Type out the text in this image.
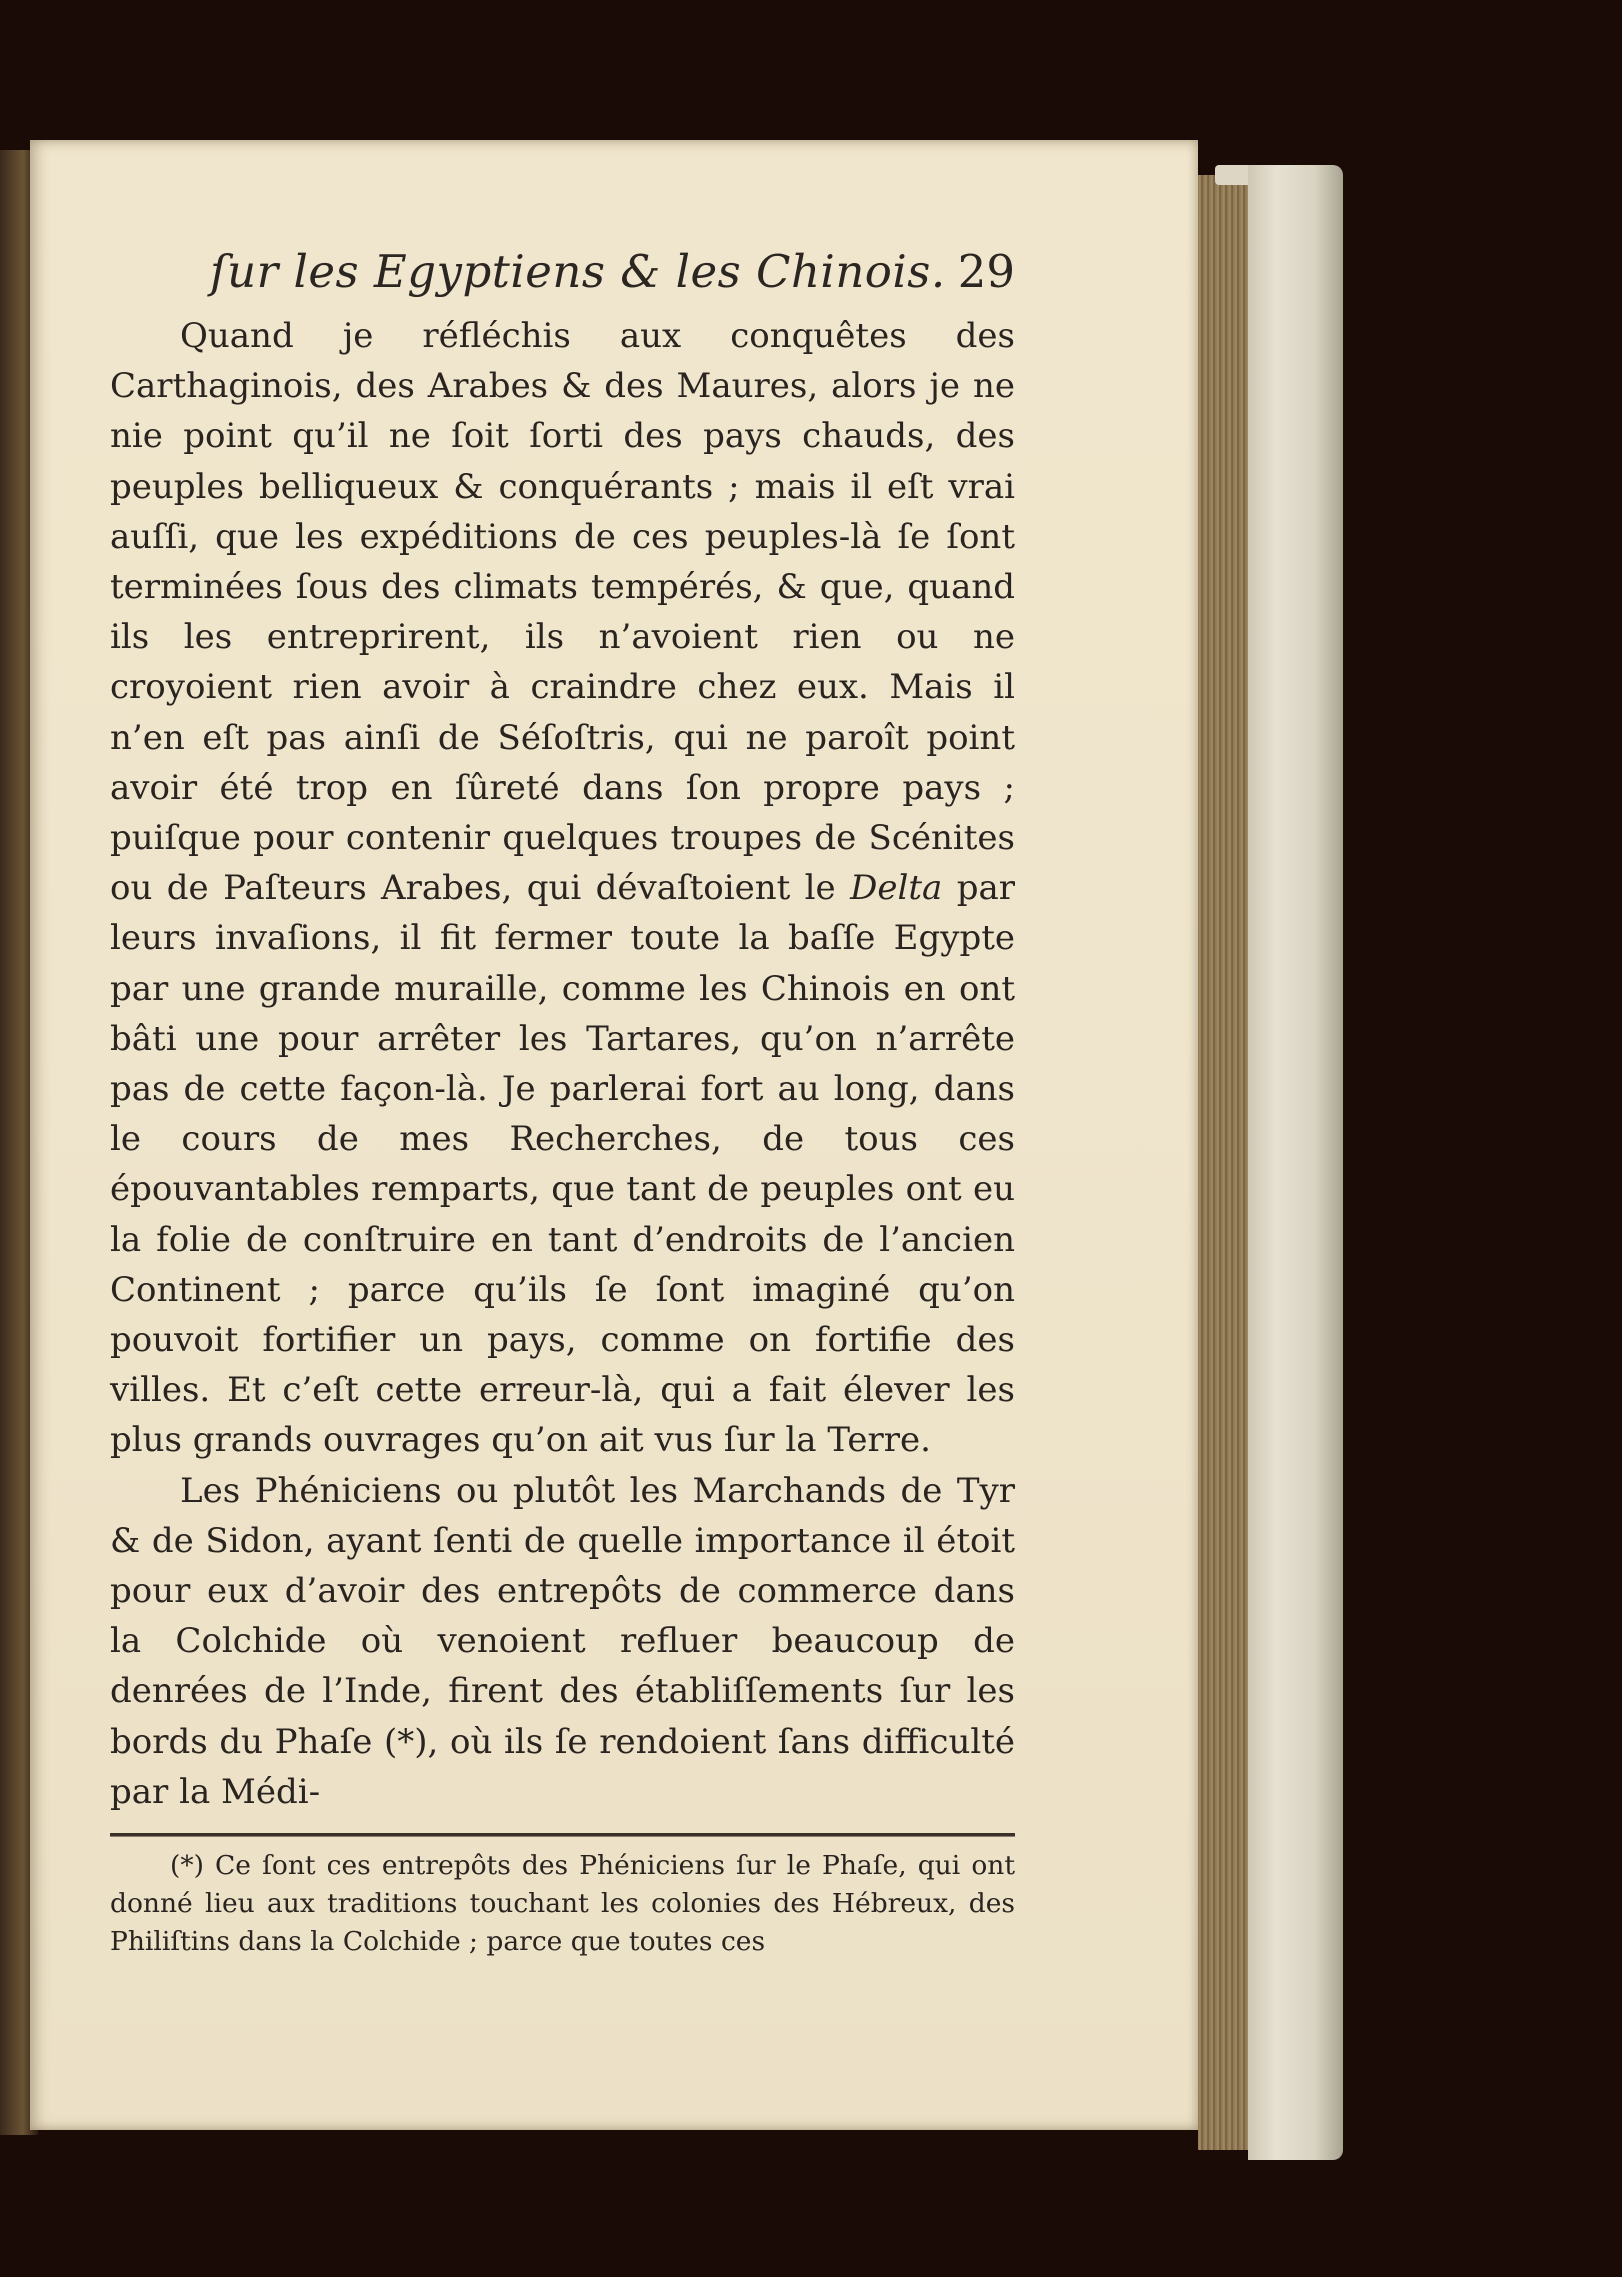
ſur les Egyptiens & les Chinois. 29

Quand je réfléchis aux conquêtes des Carthaginois, des Arabes & des Maures, alors je ne nie point qu’il ne ſoit ſorti des pays chauds, des peuples belliqueux & conquérants ; mais il eſt vrai auſſi, que les expéditions de ces peuples-là ſe ſont terminées ſous des climats tempérés, & que, quand ils les entreprirent, ils n’avoient rien ou ne croyoient rien avoir à craindre chez eux. Mais il n’en eſt pas ainſi de Séſoſtris, qui ne paroît point avoir été trop en ſûreté dans ſon propre pays ; puiſque pour contenir quelques troupes de Scénites ou de Paſteurs Arabes, qui dévaſtoient le Delta par leurs invaſions, il fit fermer toute la baſſe Egypte par une grande muraille, comme les Chinois en ont bâti une pour arrêter les Tartares, qu’on n’arrête pas de cette façon-là. Je parlerai fort au long, dans le cours de mes Recherches, de tous ces épouvantables remparts, que tant de peuples ont eu la folie de conſtruire en tant d’endroits de l’ancien Continent ; parce qu’ils ſe ſont imaginé qu’on pouvoit fortifier un pays, comme on fortifie des villes. Et c’eſt cette erreur-là, qui a fait élever les plus grands ouvrages qu’on ait vus ſur la Terre.

Les Phéniciens ou plutôt les Marchands de Tyr & de Sidon, ayant ſenti de quelle importance il étoit pour eux d’avoir des entrepôts de commerce dans la Colchide où venoient refluer beaucoup de denrées de l’Inde, firent des établiſſements ſur les bords du Phaſe (*), où ils ſe rendoient ſans difficulté par la Médi-

(*) Ce ſont ces entrepôts des Phéniciens ſur le Phaſe, qui ont donné lieu aux traditions touchant les colonies des Hébreux, des Philiſtins dans la Colchide ; parce que toutes ces
